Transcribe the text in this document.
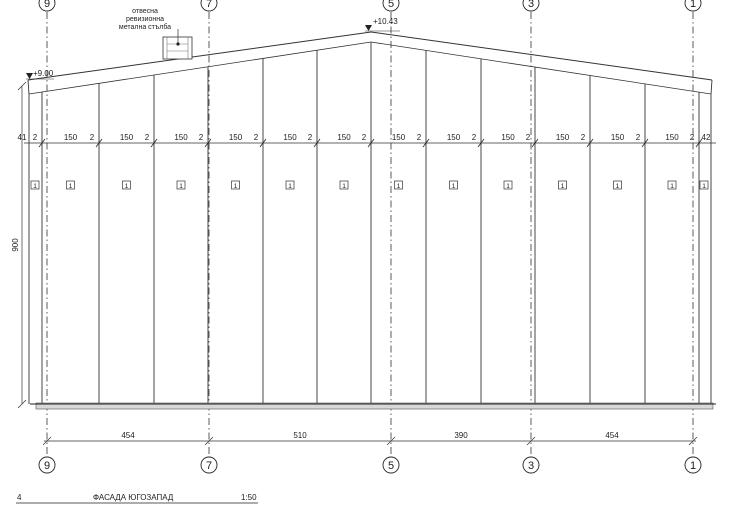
9	7	5	3	1
отвесна
ревизионна
метална стълба
+9.00
+10.43
41 2	150 2	150 2	150 2	150 2	150 2	150 2	150 2	150 2	150 2	150 2	150 2	150 2 42
1	1	1	1	1	1	1	1	1	1	1	1	1	1
900
454	510	390	454
9	7	5	3	1
4	ФАСАДА ЮГОЗАПАД	1:50
